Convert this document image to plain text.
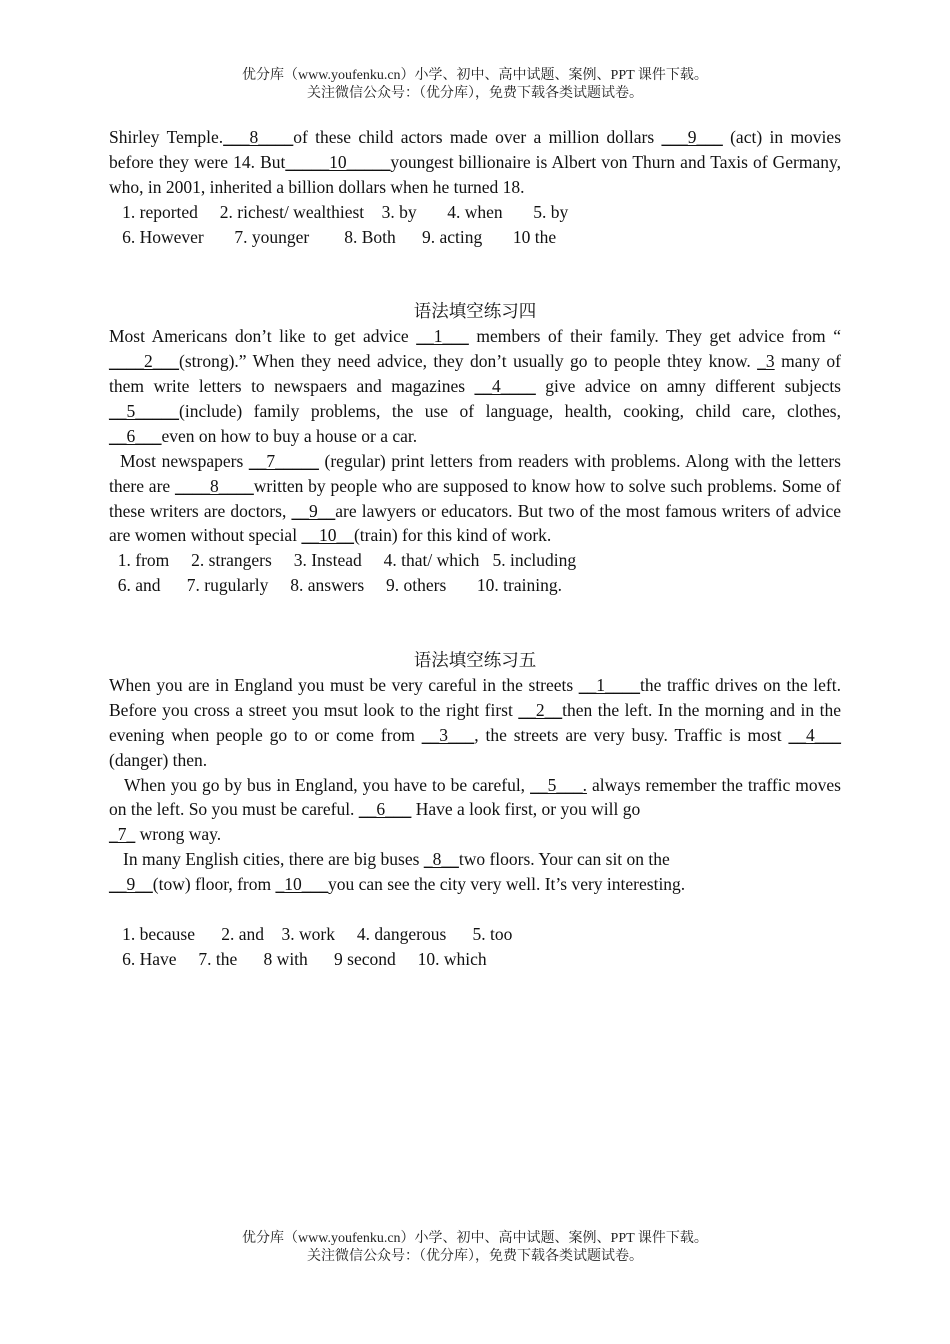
优分库（www.youfenku.cn）小学、初中、高中试题、案例、PPT 课件下载。
关注微信公众号：（优分库），免费下载各类试题试卷。

Shirley Temple.___8____of these child actors made over a million dollars ___9___ (act) in movies before they were 14. But_____10_____youngest billionaire is Albert von Thurn and Taxis of Germany, who, in 2001, inherited a billion dollars when he turned 18.

1. reported     2. richest/ wealthiest    3. by       4. when       5. by

6. However       7. younger        8. Both      9. acting       10 the

语法填空练习四

Most Americans don’t like to get advice __1___ members of their family. They get advice from “ ____2___(strong).” When they need advice, they don’t usually go to people thtey know. _3 many of them write letters to newspaers and magazines __4____ give advice on amny different subjects __5_____(include) family problems, the use of language, health, cooking, child care, clothes, __6___even on how to buy a house or a car.

Most newspapers __7_____ (regular) print letters from readers with problems. Along with the letters there are ____8____written by people who are supposed to know how to solve such problems. Some of these writers are doctors, __9__are lawyers or educators. But two of the most famous writers of advice are women without special __10__(train) for this kind of work.

1. from     2. strangers     3. Instead     4. that/ which   5. including

6. and      7. rugularly     8. answers     9. others       10. training.

语法填空练习五

When you are in England you must be very careful in the streets __1____the traffic drives on the left. Before you cross a street you msut look to the right first __2__then the left. In the morning and in the evening when people go to or come from __3___, the streets are very busy. Traffic is most __4___ (danger) then.

When you go by bus in England, you have to be careful, __5___. always remember the traffic moves on the left. So you must be careful. __6___ Have a look first, or you will go

_7_ wrong way.

In many English cities, there are big buses _8__two floors. Your can sit on the

__9__(tow) floor, from _10___you can see the city very well. It’s very interesting.

1. because      2. and    3. work     4. dangerous      5. too

6. Have     7. the      8 with      9 second     10. which

优分库（www.youfenku.cn）小学、初中、高中试题、案例、PPT 课件下载。
关注微信公众号：（优分库），免费下载各类试题试卷。
